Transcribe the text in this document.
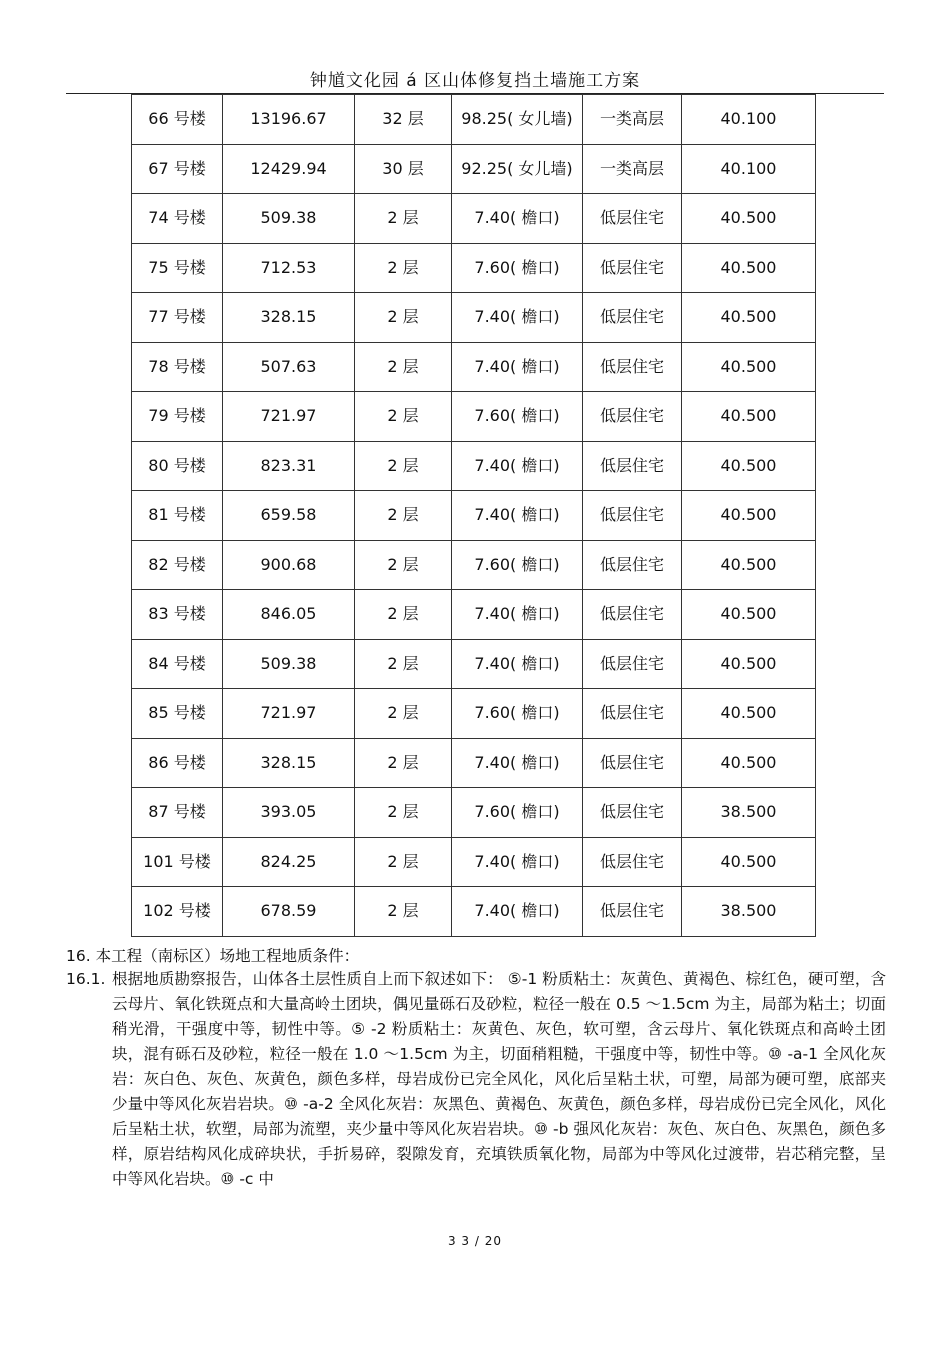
钟馗文化园 á 区山体修复挡土墙施工方案
66 号楼	13196.67	32 层	98.25( 女儿墙)	一类高层	40.100
67 号楼	12429.94	30 层	92.25( 女儿墙)	一类高层	40.100
74 号楼	509.38	2 层	7.40( 檐口)	低层住宅	40.500
75 号楼	712.53	2 层	7.60( 檐口)	低层住宅	40.500
77 号楼	328.15	2 层	7.40( 檐口)	低层住宅	40.500
78 号楼	507.63	2 层	7.40( 檐口)	低层住宅	40.500
79 号楼	721.97	2 层	7.60( 檐口)	低层住宅	40.500
80 号楼	823.31	2 层	7.40( 檐口)	低层住宅	40.500
81 号楼	659.58	2 层	7.40( 檐口)	低层住宅	40.500
82 号楼	900.68	2 层	7.60( 檐口)	低层住宅	40.500
83 号楼	846.05	2 层	7.40( 檐口)	低层住宅	40.500
84 号楼	509.38	2 层	7.40( 檐口)	低层住宅	40.500
85 号楼	721.97	2 层	7.60( 檐口)	低层住宅	40.500
86 号楼	328.15	2 层	7.40( 檐口)	低层住宅	40.500
87 号楼	393.05	2 层	7.60( 檐口)	低层住宅	38.500
101 号楼	824.25	2 层	7.40( 檐口)	低层住宅	40.500
102 号楼	678.59	2 层	7.40( 檐口)	低层住宅	38.500
16. 本工程（南标区）场地工程地质条件：
16.1. 根据地质勘察报告，山体各土层性质自上而下叙述如下： ⑤-1 粉质粘土：灰黄色、黄褐色、棕红色，硬可塑，含云母片、氧化铁斑点和大量高岭土团块，偶见量砾石及砂粒，粒径一般在 0.5 ～1.5cm 为主，局部为粘土；切面稍光滑，干强度中等，韧性中等。⑤ -2 粉质粘土：灰黄色、灰色，软可塑，含云母片、氧化铁斑点和高岭土团块，混有砾石及砂粒，粒径一般在 1.0 ～1.5cm 为主，切面稍粗糙，干强度中等，韧性中等。⑩ -a-1 全风化灰岩：灰白色、灰色、灰黄色，颜色多样，母岩成份已完全风化，风化后呈粘土状，可塑，局部为硬可塑，底部夹少量中等风化灰岩岩块。⑩ -a-2 全风化灰岩：灰黑色、黄褐色、灰黄色，颜色多样，母岩成份已完全风化，风化后呈粘土状，软塑，局部为流塑，夹少量中等风化灰岩岩块。⑩ -b 强风化灰岩：灰色、灰白色、灰黑色，颜色多样，原岩结构风化成碎块状，手折易碎，裂隙发育，充填铁质氧化物，局部为中等风化过渡带，岩芯稍完整，呈中等风化岩块。⑩ -c 中
3 3 / 20
